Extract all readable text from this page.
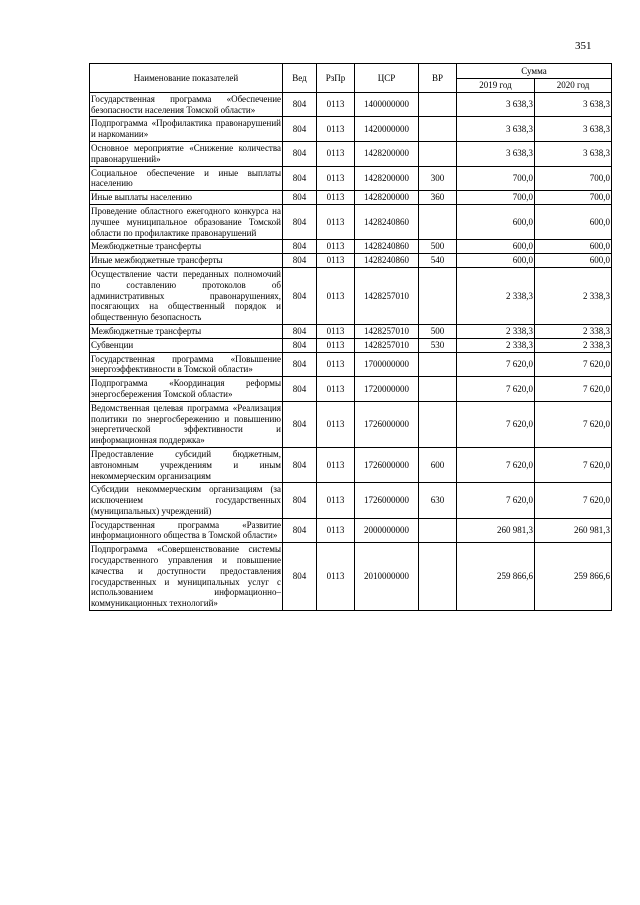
351
Наименование показателей	Вед	РзПр	ЦСР	ВР	Сумма	
					2019 год	2020 год
Государственная программа «Обеспечение безопасности населения Томской области»	804	0113	1400000000		3 638,3	3 638,3
Подпрограмма «Профилактика правонарушений и наркомании»	804	0113	1420000000		3 638,3	3 638,3
Основное мероприятие «Снижение количества правонарушений»	804	0113	1428200000		3 638,3	3 638,3
Социальное обеспечение и иные выплаты населению	804	0113	1428200000	300	700,0	700,0
Иные выплаты населению	804	0113	1428200000	360	700,0	700,0
Проведение областного ежегодного конкурса на лучшее муниципальное образование Томской области по профилактике правонарушений	804	0113	1428240860		600,0	600,0
Межбюджетные трансферты	804	0113	1428240860	500	600,0	600,0
Иные межбюджетные трансферты	804	0113	1428240860	540	600,0	600,0
Осуществление части переданных полномочий по составлению протоколов об административных правонарушениях, посягающих на общественный порядок и общественную безопасность	804	0113	1428257010		2 338,3	2 338,3
Межбюджетные трансферты	804	0113	1428257010	500	2 338,3	2 338,3
Субвенции	804	0113	1428257010	530	2 338,3	2 338,3
Государственная программа «Повышение энергоэффективности в Томской области»	804	0113	1700000000		7 620,0	7 620,0
Подпрограмма «Координация реформы энергосбережения Томской области»	804	0113	1720000000		7 620,0	7 620,0
Ведомственная целевая программа «Реализация политики по энергосбережению и повышению энергетической эффективности и информационная поддержка»	804	0113	1726000000		7 620,0	7 620,0
Предоставление субсидий бюджетным, автономным учреждениям и иным некоммерческим организациям	804	0113	1726000000	600	7 620,0	7 620,0
Субсидии некоммерческим организациям (за исключением государственных (муниципальных) учреждений)	804	0113	1726000000	630	7 620,0	7 620,0
Государственная программа «Развитие информационного общества в Томской области»	804	0113	2000000000		260 981,3	260 981,3
Подпрограмма «Совершенствование системы государственного управления и повышение качества и доступности предоставления государственных и муниципальных услуг с использованием информационно–коммуникационных технологий»	804	0113	2010000000		259 866,6	259 866,6
